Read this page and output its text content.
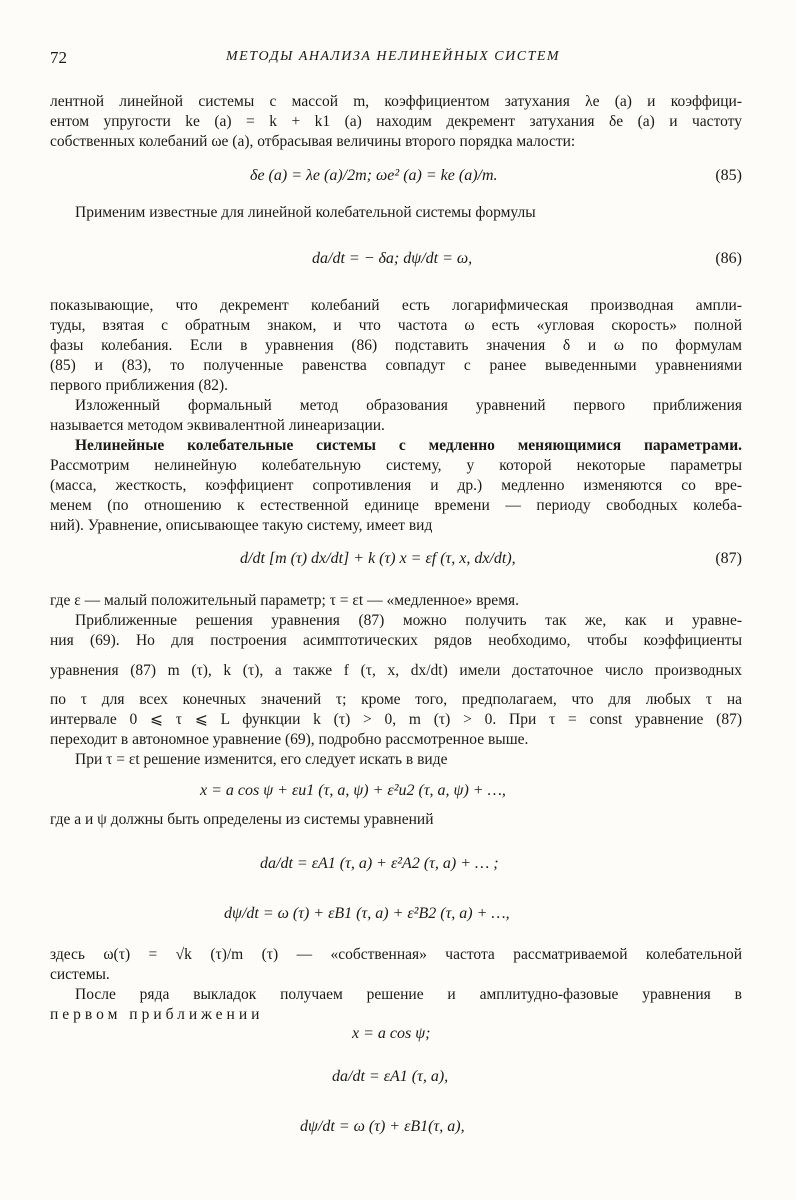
72	МЕТОДЫ АНАЛИЗА НЕЛИНЕЙНЫХ СИСТЕМ
лентной линейной системы с массой m, коэффициентом затухания λe (a) и коэффици-
ентом упругости ke (a) = k + k1 (a) находим декремент затухания δe (a) и частоту
собственных колебаний ωe (a), отбрасывая величины второго порядка малости:
δe (a) = λe (a)/2m; ωe² (a) = ke (a)/m.	(85)
Применим известные для линейной колебательной системы формулы
da/dt = − δa; dψ/dt = ω,	(86)
показывающие, что декремент колебаний есть логарифмическая производная ампли-
туды, взятая с обратным знаком, и что частота ω есть «угловая скорость» полной
фазы колебания. Если в уравнения (86) подставить значения δ и ω по формулам
(85) и (83), то полученные равенства совпадут с ранее выведенными уравнениями
первого приближения (82).
Изложенный формальный метод образования уравнений первого приближения
называется методом эквивалентной линеаризации.
Нелинейные колебательные системы с медленно меняющимися параметрами.
Рассмотрим нелинейную колебательную систему, у которой некоторые параметры
(масса, жесткость, коэффициент сопротивления и др.) медленно изменяются со вре-
менем (по отношению к естественной единице времени — периоду свободных колеба-
ний). Уравнение, описывающее такую систему, имеет вид
d/dt [m (τ) dx/dt] + k (τ) x = εf (τ, x, dx/dt),	(87)
где ε — малый положительный параметр; τ = εt — «медленное» время.
Приближенные решения уравнения (87) можно получить так же, как и уравне-
ния (69). Но для построения асимптотических рядов необходимо, чтобы коэффициенты
уравнения (87) m (τ), k (τ), а также f (τ, x, dx/dt) имели достаточное число производных
по τ для всех конечных значений τ; кроме того, предполагаем, что для любых τ на
интервале 0 ⩽ τ ⩽ L функции k (τ) > 0, m (τ) > 0. При τ = const уравнение (87)
переходит в автономное уравнение (69), подробно рассмотренное выше.
При τ = εt решение изменится, его следует искать в виде
x = a cos ψ + εu1 (τ, a, ψ) + ε²u2 (τ, a, ψ) + …,
где a и ψ должны быть определены из системы уравнений
da/dt = εA1 (τ, a) + ε²A2 (τ, a) + … ;
dψ/dt = ω (τ) + εB1 (τ, a) + ε²B2 (τ, a) + …,
здесь ω(τ) = √k (τ)/m (τ) — «собственная» частота рассматриваемой колебательной
системы.
После ряда выкладок получаем решение и амплитудно-фазовые уравнения в
первом приближении
x = a cos ψ;
da/dt = εA1 (τ, a),
dψ/dt = ω (τ) + εB1(τ, a),
